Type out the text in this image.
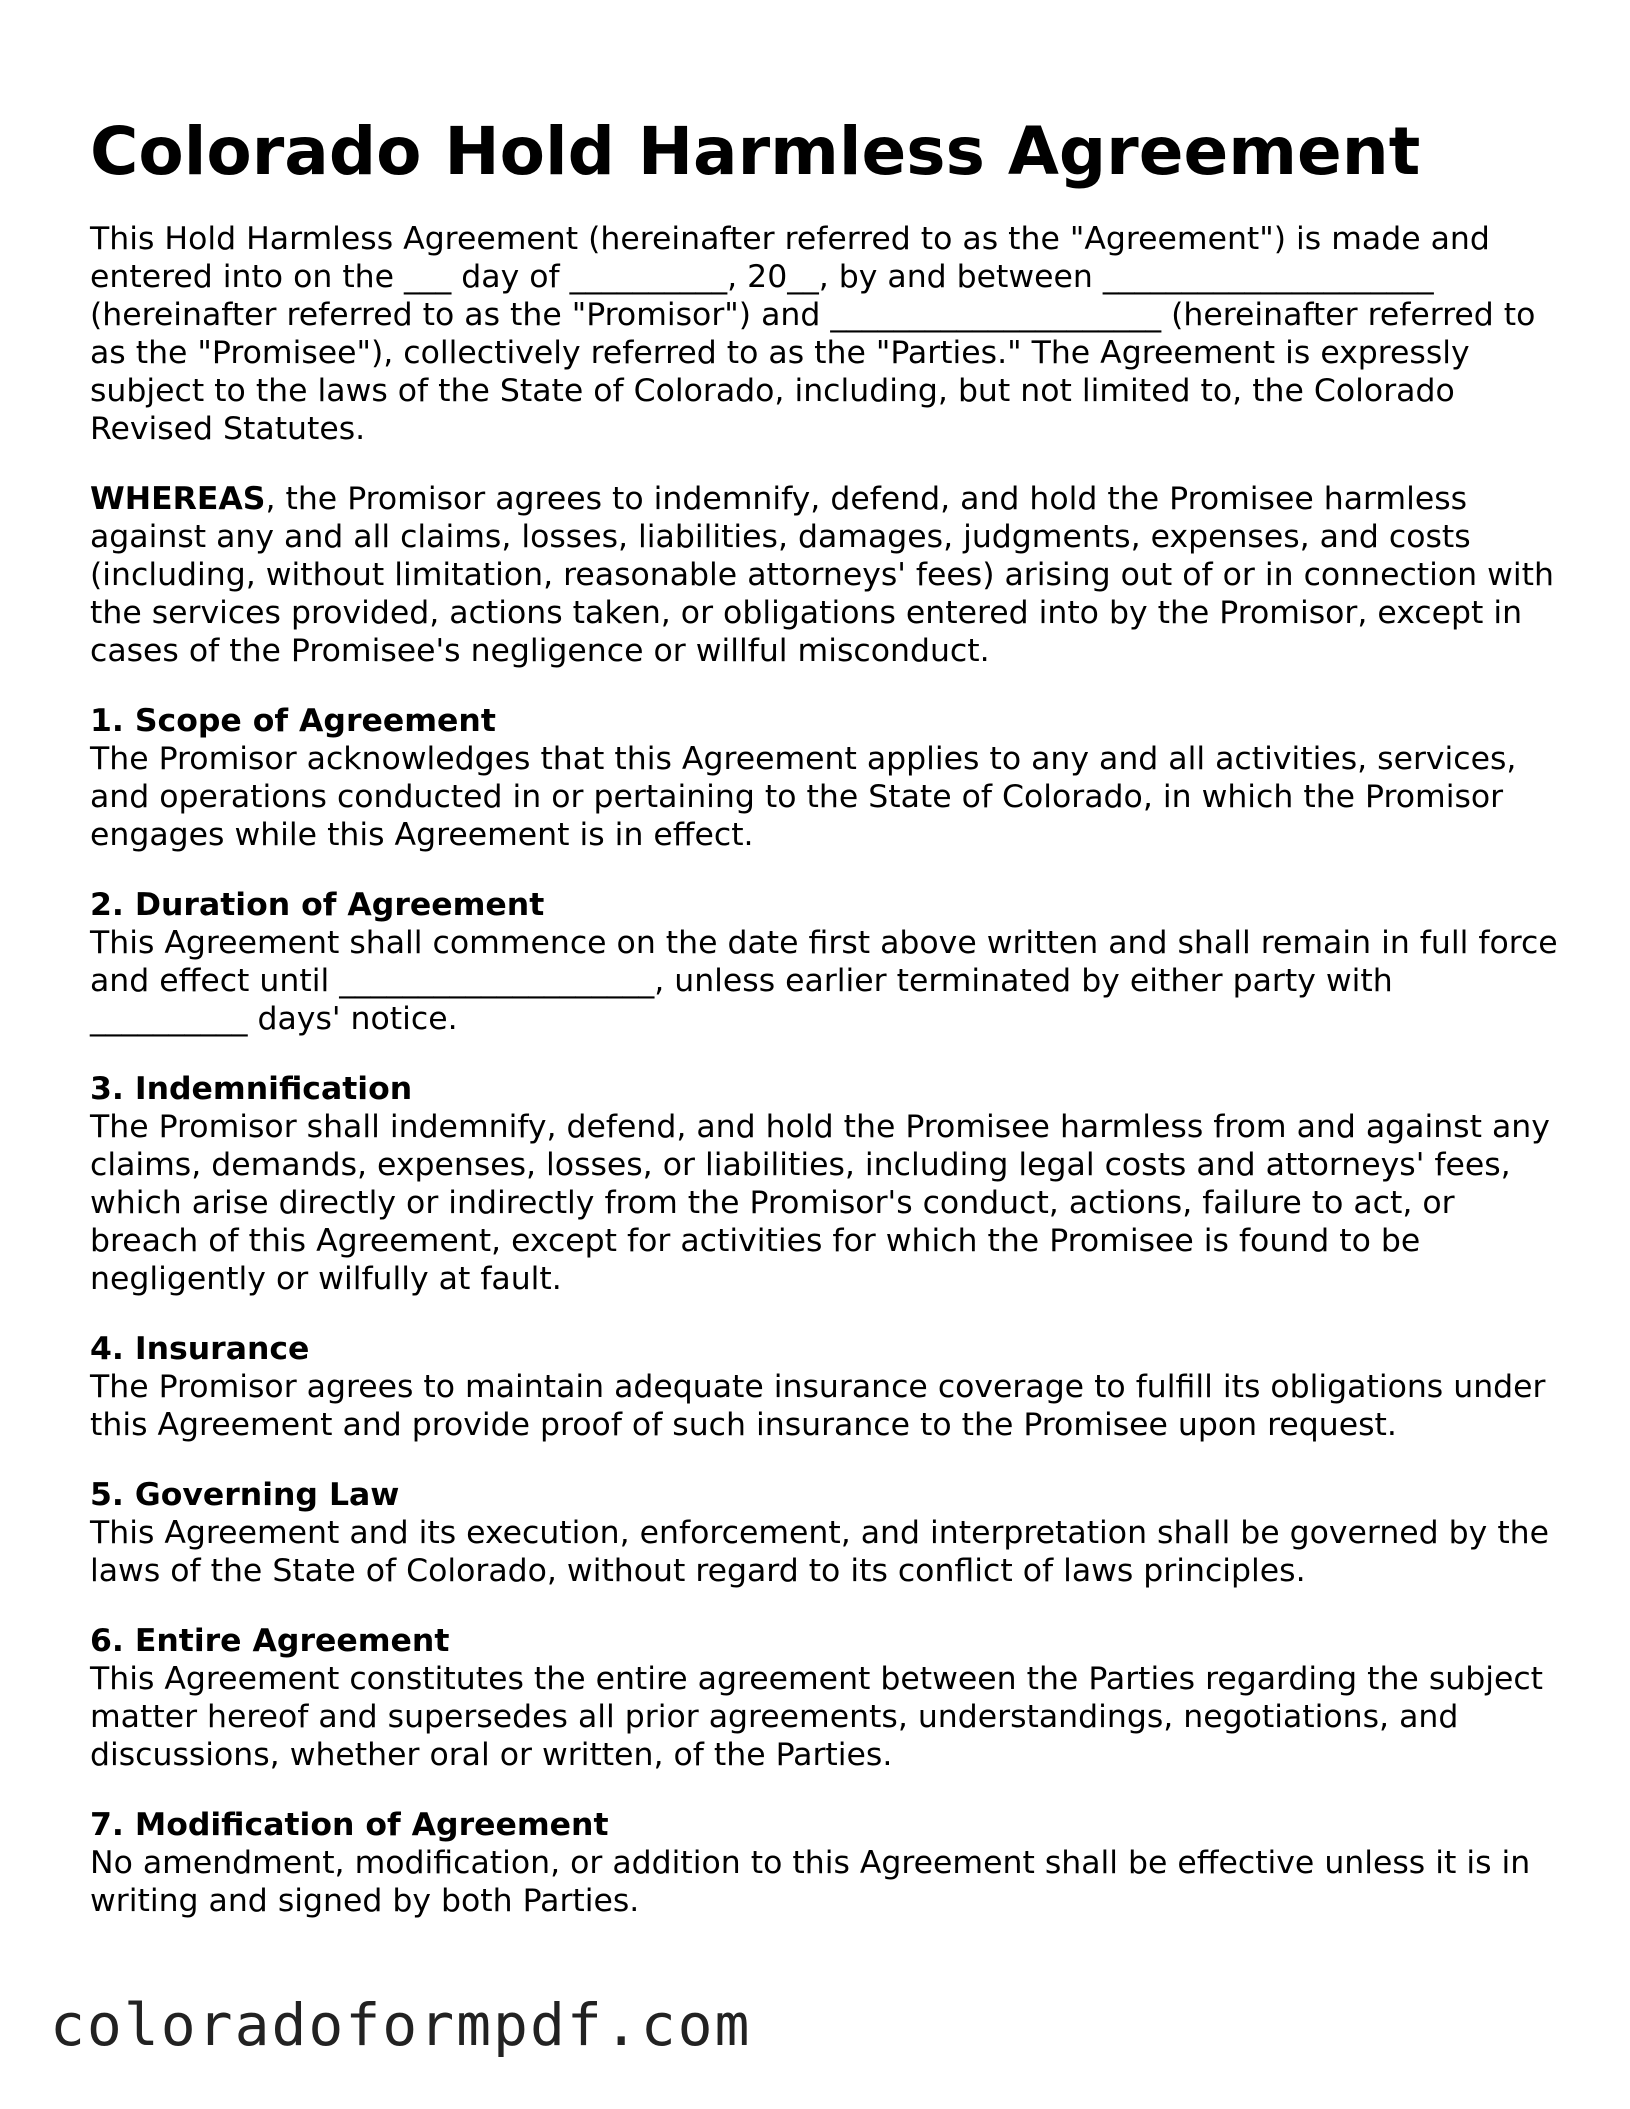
Colorado Hold Harmless Agreement

This Hold Harmless Agreement (hereinafter referred to as the "Agreement") is made and entered into on the ___ day of __________, 20__, by and between _____________________ (hereinafter referred to as the "Promisor") and _____________________ (hereinafter referred to as the "Promisee"), collectively referred to as the "Parties." The Agreement is expressly subject to the laws of the State of Colorado, including, but not limited to, the Colorado Revised Statutes.

WHEREAS, the Promisor agrees to indemnify, defend, and hold the Promisee harmless against any and all claims, losses, liabilities, damages, judgments, expenses, and costs (including, without limitation, reasonable attorneys' fees) arising out of or in connection with the services provided, actions taken, or obligations entered into by the Promisor, except in cases of the Promisee's negligence or willful misconduct.

1. Scope of Agreement

The Promisor acknowledges that this Agreement applies to any and all activities, services, and operations conducted in or pertaining to the State of Colorado, in which the Promisor engages while this Agreement is in effect.

2. Duration of Agreement

This Agreement shall commence on the date first above written and shall remain in full force and effect until ____________________, unless earlier terminated by either party with __________ days' notice.

3. Indemnification

The Promisor shall indemnify, defend, and hold the Promisee harmless from and against any claims, demands, expenses, losses, or liabilities, including legal costs and attorneys' fees, which arise directly or indirectly from the Promisor's conduct, actions, failure to act, or breach of this Agreement, except for activities for which the Promisee is found to be negligently or wilfully at fault.

4. Insurance

The Promisor agrees to maintain adequate insurance coverage to fulfill its obligations under this Agreement and provide proof of such insurance to the Promisee upon request.

5. Governing Law

This Agreement and its execution, enforcement, and interpretation shall be governed by the laws of the State of Colorado, without regard to its conflict of laws principles.

6. Entire Agreement

This Agreement constitutes the entire agreement between the Parties regarding the subject matter hereof and supersedes all prior agreements, understandings, negotiations, and discussions, whether oral or written, of the Parties.

7. Modification of Agreement

No amendment, modification, or addition to this Agreement shall be effective unless it is in writing and signed by both Parties.

coloradoformpdf.com
